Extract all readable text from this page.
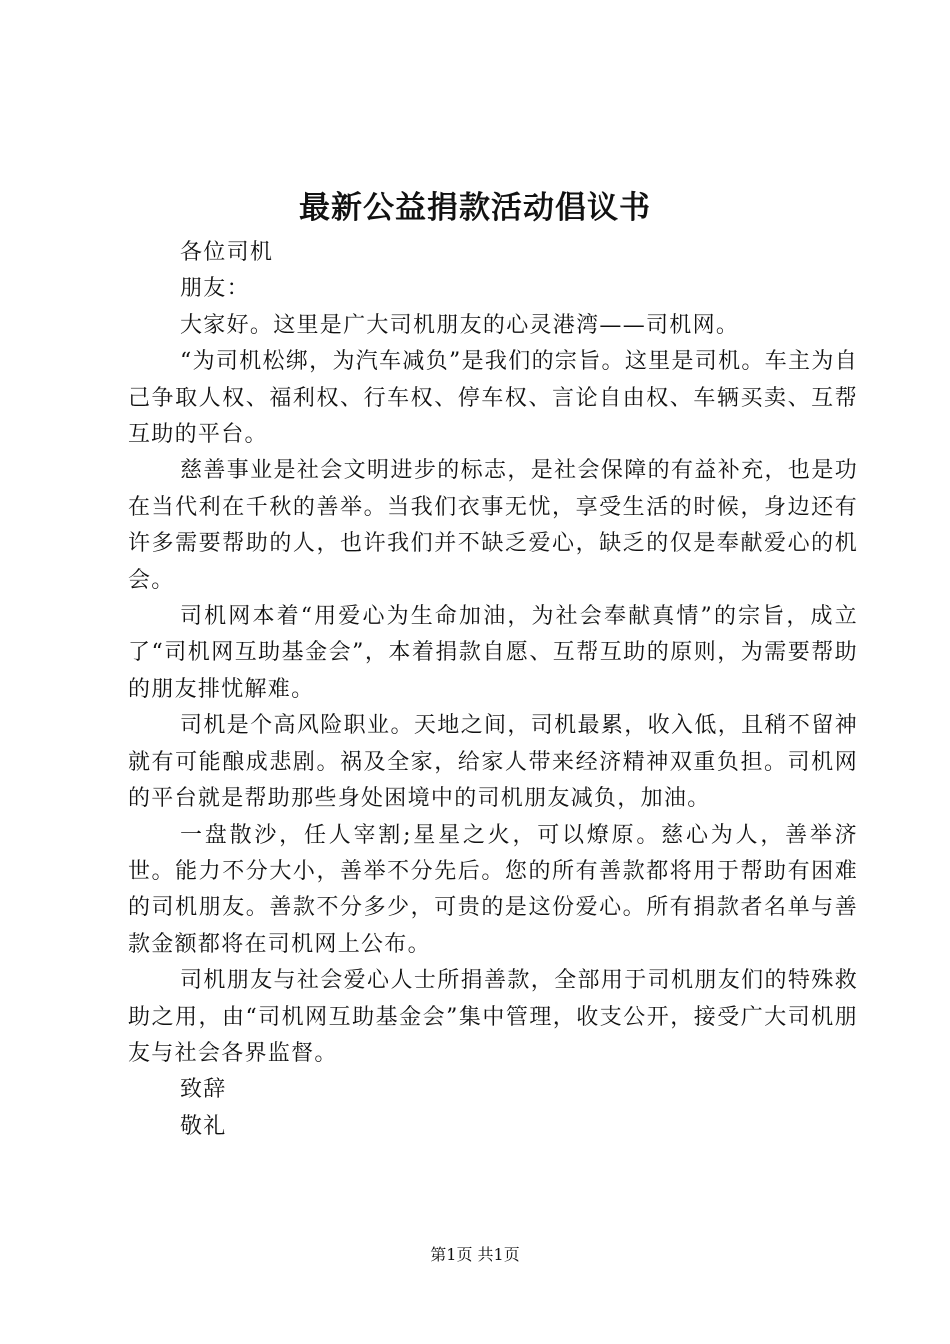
最新公益捐款活动倡议书

各位司机

朋友：

大家好。这里是广大司机朋友的心灵港湾——司机网。

“为司机松绑，为汽车减负”是我们的宗旨。这里是司机。车主为自己争取人权、福利权、行车权、停车权、言论自由权、车辆买卖、互帮互助的平台。

慈善事业是社会文明进步的标志，是社会保障的有益补充，也是功在当代利在千秋的善举。当我们衣事无忧，享受生活的时候，身边还有许多需要帮助的人，也许我们并不缺乏爱心，缺乏的仅是奉献爱心的机会。

司机网本着“用爱心为生命加油，为社会奉献真情”的宗旨，成立了“司机网互助基金会”，本着捐款自愿、互帮互助的原则，为需要帮助的朋友排忧解难。

司机是个高风险职业。天地之间，司机最累，收入低，且稍不留神就有可能酿成悲剧。祸及全家，给家人带来经济精神双重负担。司机网的平台就是帮助那些身处困境中的司机朋友减负，加油。

一盘散沙，任人宰割;星星之火，可以燎原。慈心为人，善举济世。能力不分大小，善举不分先后。您的所有善款都将用于帮助有困难的司机朋友。善款不分多少，可贵的是这份爱心。所有捐款者名单与善款金额都将在司机网上公布。

司机朋友与社会爱心人士所捐善款，全部用于司机朋友们的特殊救助之用，由“司机网互助基金会”集中管理，收支公开，接受广大司机朋友与社会各界监督。

致辞

敬礼

第1页 共1页
